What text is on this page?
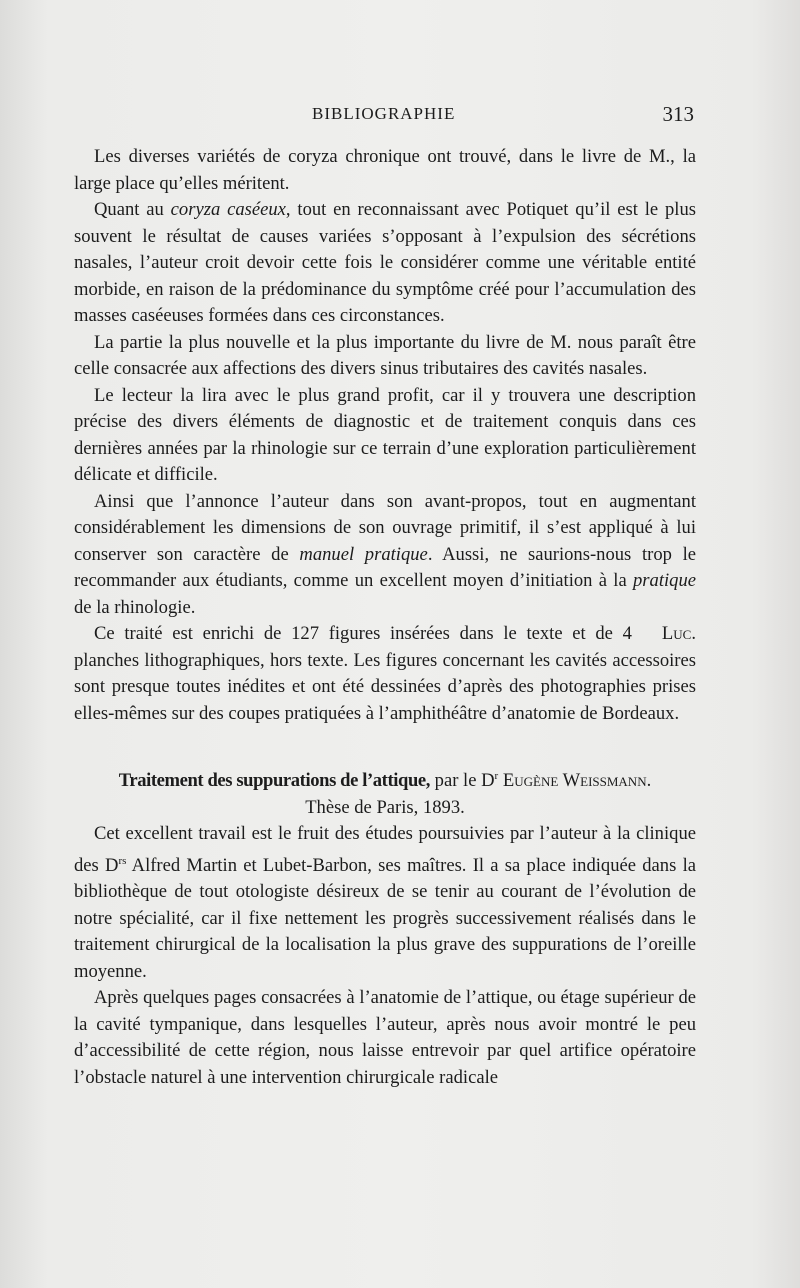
BIBLIOGRAPHIE	313

Les diverses variétés de coryza chronique ont trouvé, dans le livre de M., la large place qu’elles méritent.

Quant au coryza caséeux, tout en reconnaissant avec Potiquet qu’il est le plus souvent le résultat de causes variées s’opposant à l’expulsion des sécrétions nasales, l’auteur croit devoir cette fois le considérer comme une véritable entité morbide, en raison de la prédominance du symptôme créé pour l’accumulation des masses caséeuses formées dans ces circonstances.

La partie la plus nouvelle et la plus importante du livre de M. nous paraît être celle consacrée aux affections des divers sinus tributaires des cavités nasales.

Le lecteur la lira avec le plus grand profit, car il y trouvera une description précise des divers éléments de diagnostic et de traitement conquis dans ces dernières années par la rhinologie sur ce terrain d’une exploration particulièrement délicate et difficile.

Ainsi que l’annonce l’auteur dans son avant-propos, tout en augmentant considérablement les dimensions de son ouvrage primitif, il s’est appliqué à lui conserver son caractère de manuel pratique. Aussi, ne saurions-nous trop le recommander aux étudiants, comme un excellent moyen d’initiation à la pratique de la rhinologie.

Luc.
Ce traité est enrichi de 127 figures insérées dans le texte et de 4 planches lithographiques, hors texte. Les figures concernant les cavités accessoires sont presque toutes inédites et ont été dessinées d’après des photographies prises elles-mêmes sur des coupes pratiquées à l’amphithéâtre d’anatomie de Bordeaux.

Traitement des suppurations de l’attique, par le $D^r$ Eugène Weissmann.
Thèse de Paris, 1893.

Cet excellent travail est le fruit des études poursuivies par l’auteur à la clinique des $D^{rs}$ Alfred Martin et Lubet-Barbon, ses maîtres. Il a sa place indiquée dans la bibliothèque de tout otologiste désireux de se tenir au courant de l’évolution de notre spécialité, car il fixe nettement les progrès successivement réalisés dans le traitement chirurgical de la localisation la plus grave des suppurations de l’oreille moyenne.

Après quelques pages consacrées à l’anatomie de l’attique, ou étage supérieur de la cavité tympanique, dans lesquelles l’auteur, après nous avoir montré le peu d’accessibilité de cette région, nous laisse entrevoir par quel artifice opératoire l’obstacle naturel à une intervention chirurgicale radicale
